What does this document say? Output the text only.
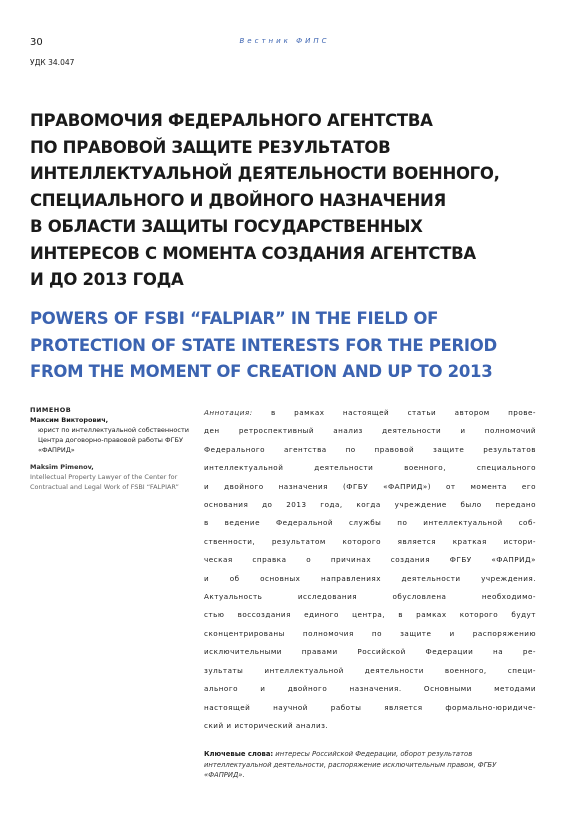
30	Вестник ФИПС
УДК 34.047
ПРАВОМОЧИЯ ФЕДЕРАЛЬНОГО АГЕНТСТВА
ПО ПРАВОВОЙ ЗАЩИТЕ РЕЗУЛЬТАТОВ
ИНТЕЛЛЕКТУАЛЬНОЙ ДЕЯТЕЛЬНОСТИ ВОЕННОГО,
СПЕЦИАЛЬНОГО И ДВОЙНОГО НАЗНАЧЕНИЯ
В ОБЛАСТИ ЗАЩИТЫ ГОСУДАРСТВЕННЫХ
ИНТЕРЕСОВ С МОМЕНТА СОЗДАНИЯ АГЕНТСТВА
И ДО 2013 ГОДА
POWERS OF FSBI “FALPIAR” IN THE FIELD OF
PROTECTION OF STATE INTERESTS FOR THE PERIOD
FROM THE MOMENT OF CREATION AND UP TO 2013
ПИМЕНОВ
Максим Викторович,
юрист по интеллектуальной собственности Центра договорно-правовой работы ФГБУ «ФАПРИД»
Maksim Pimenov,
Intellectual Property Lawyer of the Center for Contractual and Legal Work of FSBI “FALPIAR”
Аннотация:	в рамках настоящей статьи автором прове-
ден ретроспективный анализ деятельности и полномочий
Федерального агентства по правовой защите результатов
интеллектуальной деятельности военного, специального
и двойного назначения (ФГБУ «ФАПРИД») от момента его
основания до 2013 года, когда учреждение было передано
в ведение Федеральной службы по интеллектуальной соб-
ственности, результатом которого является краткая истори-
ческая справка о причинах создания ФГБУ «ФАПРИД»
и об основных направлениях деятельности учреждения.
Актуальность исследования обусловлена необходимо-
стью воссоздания единого центра, в рамках которого будут
сконцентрированы полномочия по защите и распоряжению
исключительными правами Российской Федерации на ре-
зультаты интеллектуальной деятельности военного, специ-
ального и двойного назначения. Основными методами
настоящей научной работы является формально-юридиче-
ский и исторический анализ.
Ключевые слова: интересы Российской Федерации, оборот результатов интеллектуальной деятельности, распоряжение исключительным правом, ФГБУ «ФАПРИД».
